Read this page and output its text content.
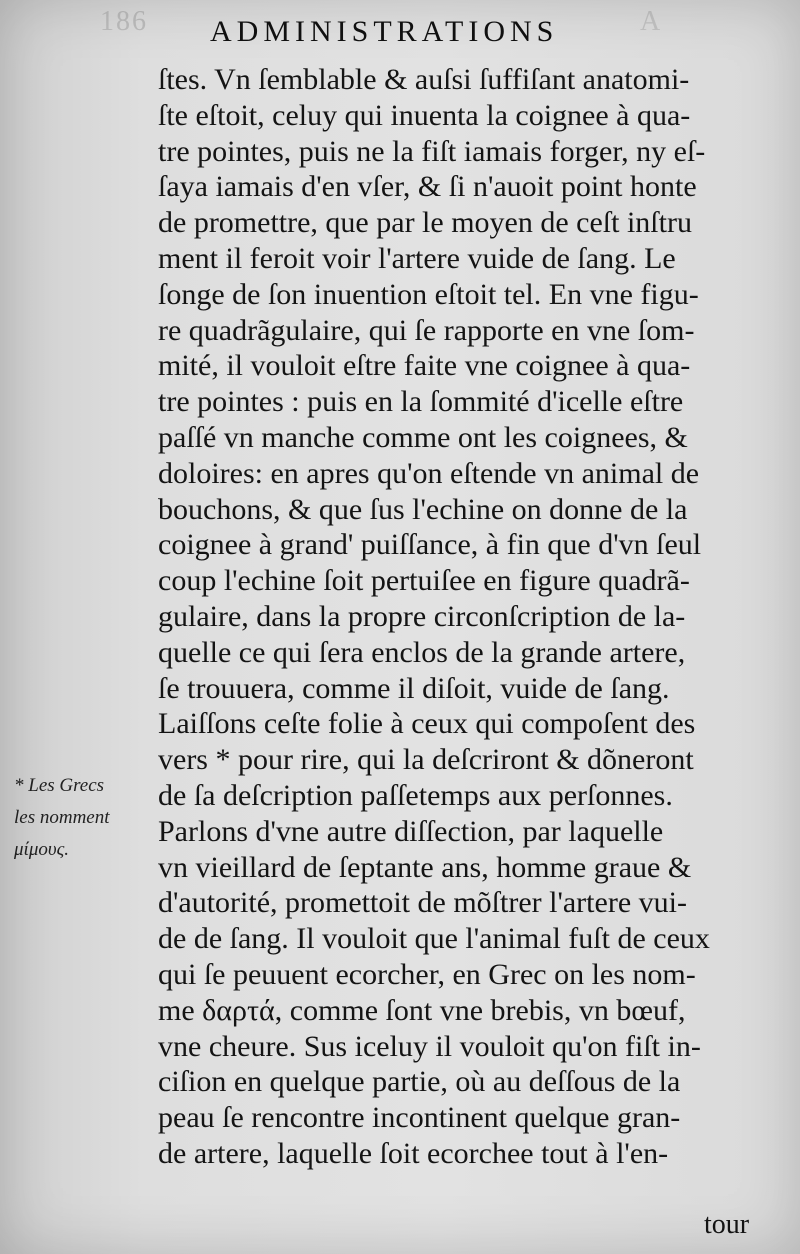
186	A
ADMINISTRATIONS
* Les Grecs
les nomment
μίμους.
ſtes. Vn ſemblable & auſsi ſuffiſant anatomi-
ſte eſtoit, celuy qui inuenta la coignee à qua-
tre pointes, puis ne la fiſt iamais forger, ny eſ-
ſaya iamais d'en vſer, & ſi n'auoit point honte
de promettre, que par le moyen de ceſt inſtru
ment il feroit voir l'artere vuide de ſang. Le
ſonge de ſon inuention eſtoit tel. En vne figu-
re quadrãgulaire, qui ſe rapporte en vne ſom-
mité, il vouloit eſtre faite vne coignee à qua-
tre pointes : puis en la ſommité d'icelle eſtre
paſſé vn manche comme ont les coignees, &
doloires: en apres qu'on eſtende vn animal de
bouchons, & que ſus l'echine on donne de la
coignee à grand' puiſſance, à fin que d'vn ſeul
coup l'echine ſoit pertuiſee en figure quadrã-
gulaire, dans la propre circonſcription de la-
quelle ce qui ſera enclos de la grande artere,
ſe trouuera, comme il diſoit, vuide de ſang.
Laiſſons ceſte folie à ceux qui compoſent des
vers * pour rire, qui la deſcriront & dõneront
de ſa deſcription paſſetemps aux perſonnes.
Parlons d'vne autre diſſection, par laquelle
vn vieillard de ſeptante ans, homme graue &
d'autorité, promettoit de mõſtrer l'artere vui-
de de ſang. Il vouloit que l'animal fuſt de ceux
qui ſe peuuent ecorcher, en Grec on les nom-
me δαρτά, comme ſont vne brebis, vn bœuf,
vne cheure. Sus iceluy il vouloit qu'on fiſt in-
ciſion en quelque partie, où au deſſous de la
peau ſe rencontre incontinent quelque gran-
de artere, laquelle ſoit ecorchee tout à l'en-
tour
